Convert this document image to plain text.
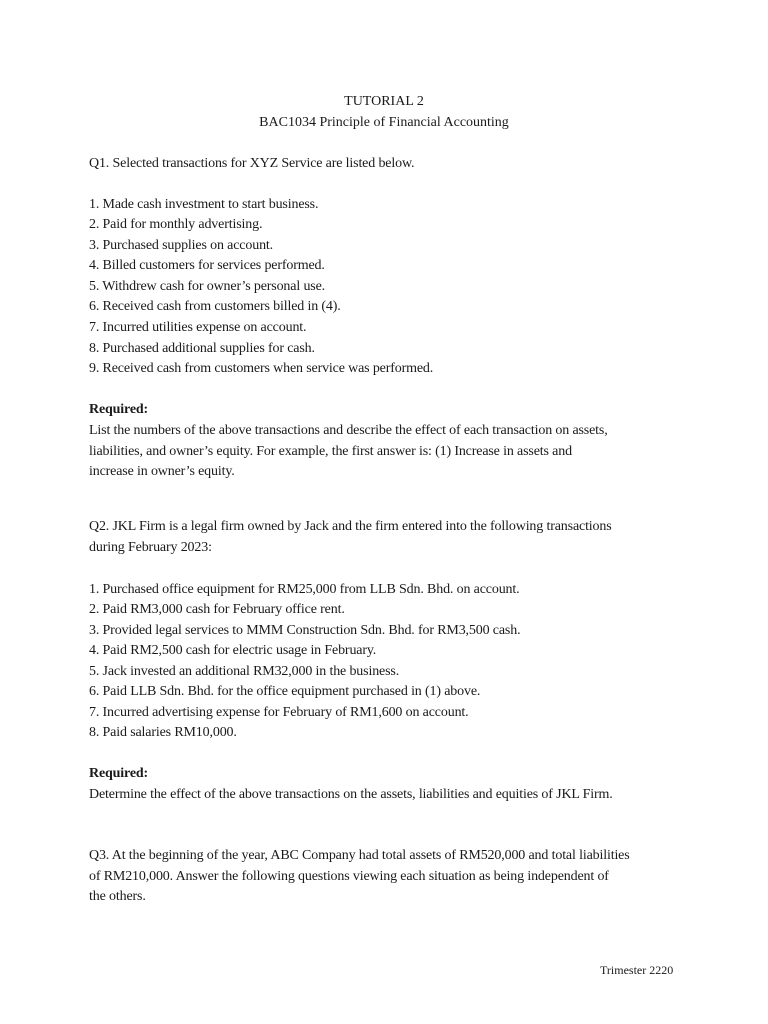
TUTORIAL 2
BAC1034 Principle of Financial Accounting
Q1. Selected transactions for XYZ Service are listed below.
1. Made cash investment to start business.
2. Paid for monthly advertising.
3. Purchased supplies on account.
4. Billed customers for services performed.
5. Withdrew cash for owner’s personal use.
6. Received cash from customers billed in (4).
7. Incurred utilities expense on account.
8. Purchased additional supplies for cash.
9. Received cash from customers when service was performed.
Required:
List the numbers of the above transactions and describe the effect of each transaction on assets,
liabilities, and owner’s equity. For example, the first answer is: (1) Increase in assets and
increase in owner’s equity.
Q2. JKL Firm is a legal firm owned by Jack and the firm entered into the following transactions
during February 2023:
1. Purchased office equipment for RM25,000 from LLB Sdn. Bhd. on account.
2. Paid RM3,000 cash for February office rent.
3. Provided legal services to MMM Construction Sdn. Bhd. for RM3,500 cash.
4. Paid RM2,500 cash for electric usage in February.
5. Jack invested an additional RM32,000 in the business.
6. Paid LLB Sdn. Bhd. for the office equipment purchased in (1) above.
7. Incurred advertising expense for February of RM1,600 on account.
8. Paid salaries RM10,000.
Required:
Determine the effect of the above transactions on the assets, liabilities and equities of JKL Firm.
Q3. At the beginning of the year, ABC Company had total assets of RM520,000 and total liabilities
of RM210,000. Answer the following questions viewing each situation as being independent of
the others.
Trimester 2220
